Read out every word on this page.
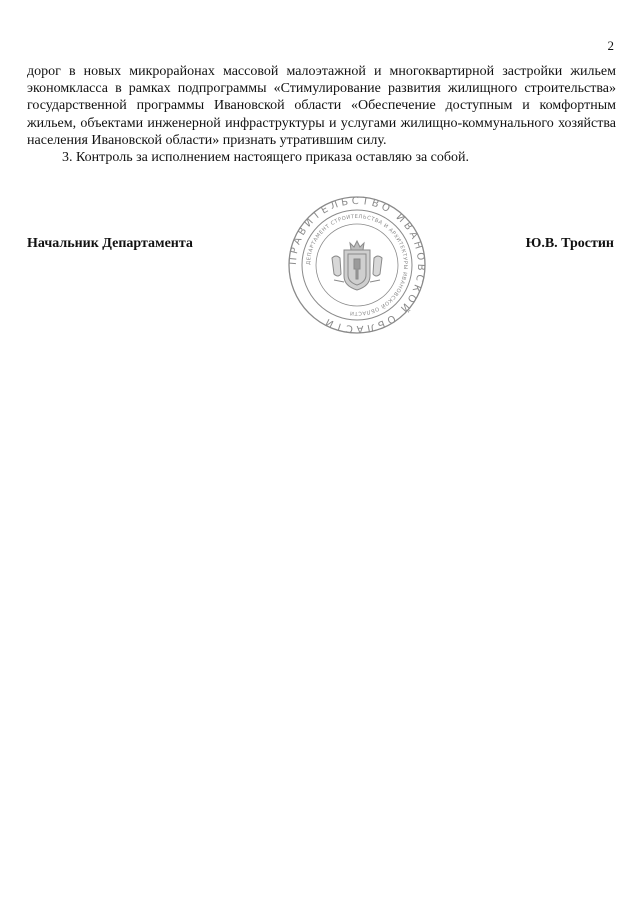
2

дорог в новых микрорайонах массовой малоэтажной и многоквартирной застройки жильем экономкласса в рамках подпрограммы «Стимулирование развития жилищного строительства» государственной программы Ивановской области «Обеспечение доступным и комфортным жильем, объектами инженерной инфраструктуры и услугами жилищно-коммунального хозяйства населения Ивановской области» признать утратившим силу.

3. Контроль за исполнением настоящего приказа оставляю за собой.

Начальник Департамента
ПРАВИТЕЛЬСТВО ИВАНОВСКОЙ ОБЛАСТИ
ДЕПАРТАМЕНТ СТРОИТЕЛЬСТВА И АРХИТЕКТУРЫ ИВАНОВСКОЙ ОБЛАСТИ
Ю.В. Тростин
